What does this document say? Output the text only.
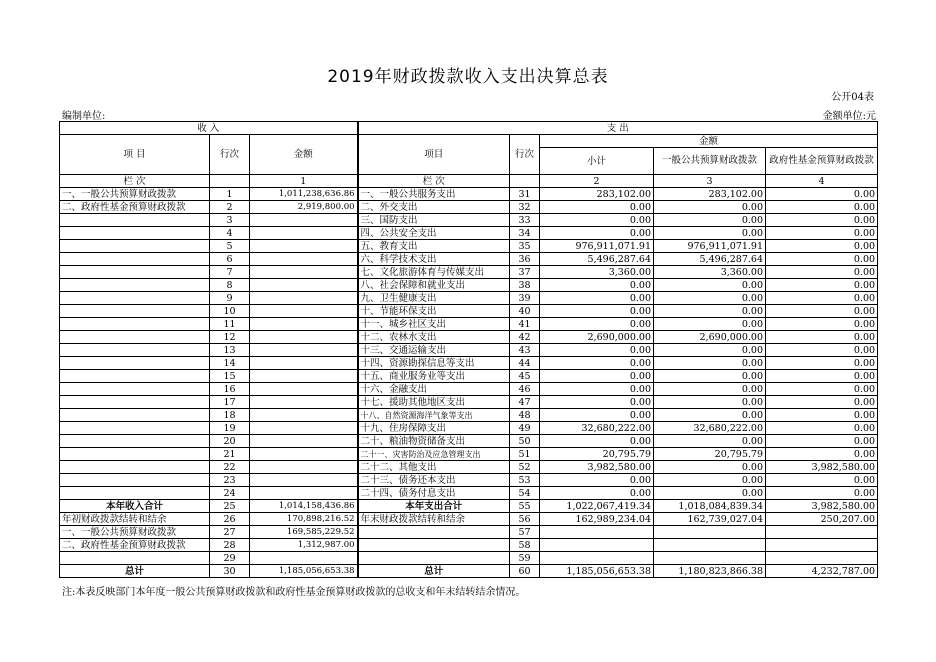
2019年财政拨款收入支出决算总表
公开04表
编制单位:	金额单位:元
收 入			支 出				
项 目	行次	金额	项目	行次	金额		
					小计	一般公共预算财政拨款	政府性基金预算财政拨款
栏 次		1	栏 次		2	3	4
一、一般公共预算财政拨款	1	1,011,238,636.86	一、一般公共服务支出	31	283,102.00	283,102.00	0.00
二、政府性基金预算财政拨款	2	2,919,800.00	二、外交支出	32	0.00	0.00	0.00
	3		三、国防支出	33	0.00	0.00	0.00
	4		四、公共安全支出	34	0.00	0.00	0.00
	5		五、教育支出	35	976,911,071.91	976,911,071.91	0.00
	6		六、科学技术支出	36	5,496,287.64	5,496,287.64	0.00
	7		七、文化旅游体育与传媒支出	37	3,360.00	3,360.00	0.00
	8		八、社会保障和就业支出	38	0.00	0.00	0.00
	9		九、卫生健康支出	39	0.00	0.00	0.00
	10		十、节能环保支出	40	0.00	0.00	0.00
	11		十一、城乡社区支出	41	0.00	0.00	0.00
	12		十二、农林水支出	42	2,690,000.00	2,690,000.00	0.00
	13		十三、交通运输支出	43	0.00	0.00	0.00
	14		十四、资源勘探信息等支出	44	0.00	0.00	0.00
	15		十五、商业服务业等支出	45	0.00	0.00	0.00
	16		十六、金融支出	46	0.00	0.00	0.00
	17		十七、援助其他地区支出	47	0.00	0.00	0.00
	18		十八、自然资源海洋气象等支出	48	0.00	0.00	0.00
	19		十九、住房保障支出	49	32,680,222.00	32,680,222.00	0.00
	20		二十、粮油物资储备支出	50	0.00	0.00	0.00
	21		二十一、灾害防治及应急管理支出	51	20,795.79	20,795.79	0.00
	22		二十二、其他支出	52	3,982,580.00	0.00	3,982,580.00
	23		二十三、债务还本支出	53	0.00	0.00	0.00
	24		二十四、债务付息支出	54	0.00	0.00	0.00
本年收入合计	25	1,014,158,436.86	本年支出合计	55	1,022,067,419.34	1,018,084,839.34	3,982,580.00
年初财政拨款结转和结余	26	170,898,216.52	年末财政拨款结转和结余	56	162,989,234.04	162,739,027.04	250,207.00
一、一般公共预算财政拨款	27	169,585,229.52		57			
二、政府性基金预算财政拨款	28	1,312,987.00		58			
	29			59			
总计	30	1,185,056,653.38	总计	60	1,185,056,653.38	1,180,823,866.38	4,232,787.00
注:本表反映部门本年度一般公共预算财政拨款和政府性基金预算财政拨款的总收支和年末结转结余情况。
